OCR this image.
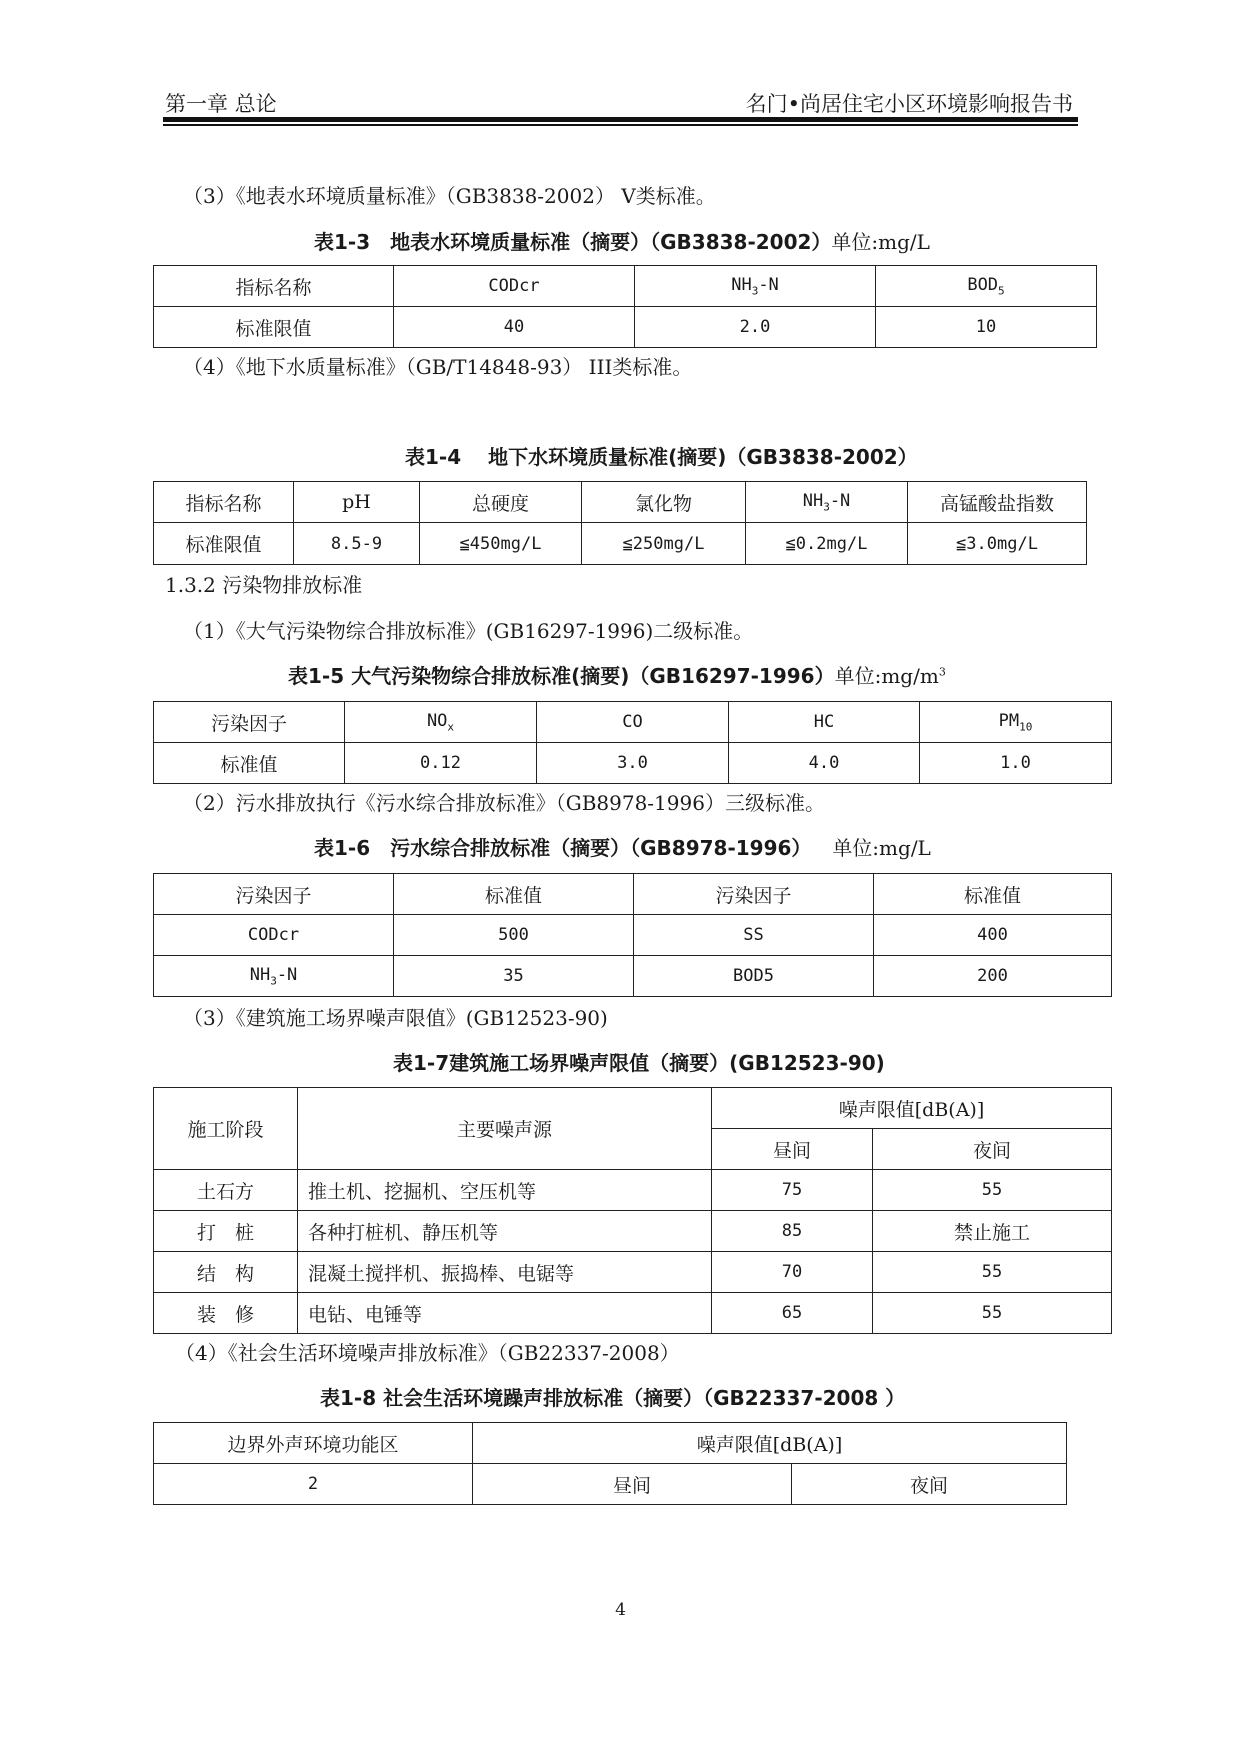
第一章 总论	名门•尚居住宅小区环境影响报告书
（3）《地表水环境质量标准》（GB3838-2002） V类标准。
表1-3　地表水环境质量标准（摘要）（GB3838-2002）单位:mg/L
指标名称	CODcr	$NH_3-N$	$BOD_5$
标准限值	40	2.0	10
（4）《地下水质量标准》（GB/T14848-93） III类标准。
表1-4　 地下水环境质量标准(摘要)（GB3838-2002）
指标名称	pH	总硬度	氯化物	$NH_3-N$	高锰酸盐指数
标准限值	8.5-9	≦450mg/L	≦250mg/L	≦0.2mg/L	≦3.0mg/L
1.3.2 污染物排放标准
（1）《大气污染物综合排放标准》(GB16297-1996)二级标准。
表1-5 大气污染物综合排放标准(摘要)（GB16297-1996）单位$:mg/m^3$
污染因子	$NO_x$	CO	HC	$PM_{10}$
标准值	0.12	3.0	4.0	1.0
（2）污水排放执行《污水综合排放标准》（GB8978-1996）三级标准。
表1-6　污水综合排放标准（摘要）（GB8978-1996） 单位:mg/L
污染因子	标准值	污染因子	标准值
CODcr	500	SS	400
$NH_3-N$	35	BOD5	200
（3）《建筑施工场界噪声限值》(GB12523-90)
表1-7建筑施工场界噪声限值（摘要）(GB12523-90)
施工阶段	主要噪声源	噪声限值[dB(A)]	
		昼间	夜间
土石方	推土机、挖掘机、空压机等	75	55
打　桩	各种打桩机、静压机等	85	禁止施工
结　构	混凝土搅拌机、振捣棒、电锯等	70	55
装　修	电钻、电锤等	65	55
（4）《社会生活环境噪声排放标准》（GB22337-2008）
表1-8 社会生活环境躁声排放标准（摘要）（GB22337-2008 ）
边界外声环境功能区	噪声限值[dB(A)]	
2	昼间	夜间
4
